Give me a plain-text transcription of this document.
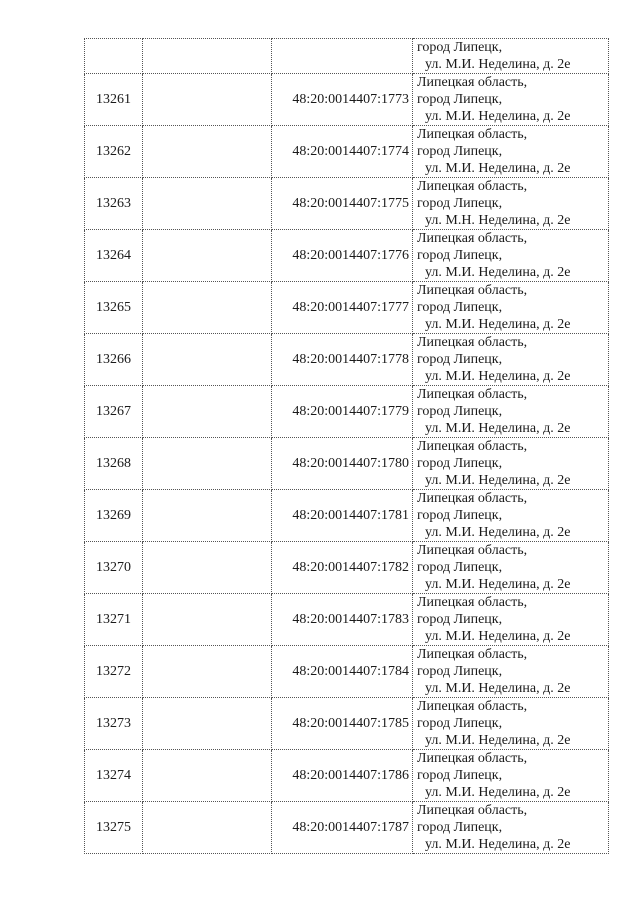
			город Липецк,
ул. М.И. Неделина, д. 2е

13261		48:20:0014407:1773	Липецкая область,
город Липецк,
ул. М.И. Неделина, д. 2е

13262		48:20:0014407:1774	Липецкая область,
город Липецк,
ул. М.И. Неделина, д. 2е

13263		48:20:0014407:1775	Липецкая область,
город Липецк,
ул. М.Н. Неделина, д. 2е

13264		48:20:0014407:1776	Липецкая область,
город Липецк,
ул. М.И. Неделина, д. 2е

13265		48:20:0014407:1777	Липецкая область,
город Липецк,
ул. М.И. Неделина, д. 2е

13266		48:20:0014407:1778	Липецкая область,
город Липецк,
ул. М.И. Неделина, д. 2е

13267		48:20:0014407:1779	Липецкая область,
город Липецк,
ул. М.И. Неделина, д. 2е

13268		48:20:0014407:1780	Липецкая область,
город Липецк,
ул. М.И. Неделина, д. 2е

13269		48:20:0014407:1781	Липецкая область,
город Липецк,
ул. М.И. Неделина, д. 2е

13270		48:20:0014407:1782	Липецкая область,
город Липецк,
ул. М.И. Неделина, д. 2е

13271		48:20:0014407:1783	Липецкая область,
город Липецк,
ул. М.И. Неделина, д. 2е

13272		48:20:0014407:1784	Липецкая область,
город Липецк,
ул. М.И. Неделина, д. 2е

13273		48:20:0014407:1785	Липецкая область,
город Липецк,
ул. М.И. Неделина, д. 2е

13274		48:20:0014407:1786	Липецкая область,
город Липецк,
ул. М.И. Неделина, д. 2е

13275		48:20:0014407:1787	Липецкая область,
город Липецк,
ул. М.И. Неделина, д. 2е
